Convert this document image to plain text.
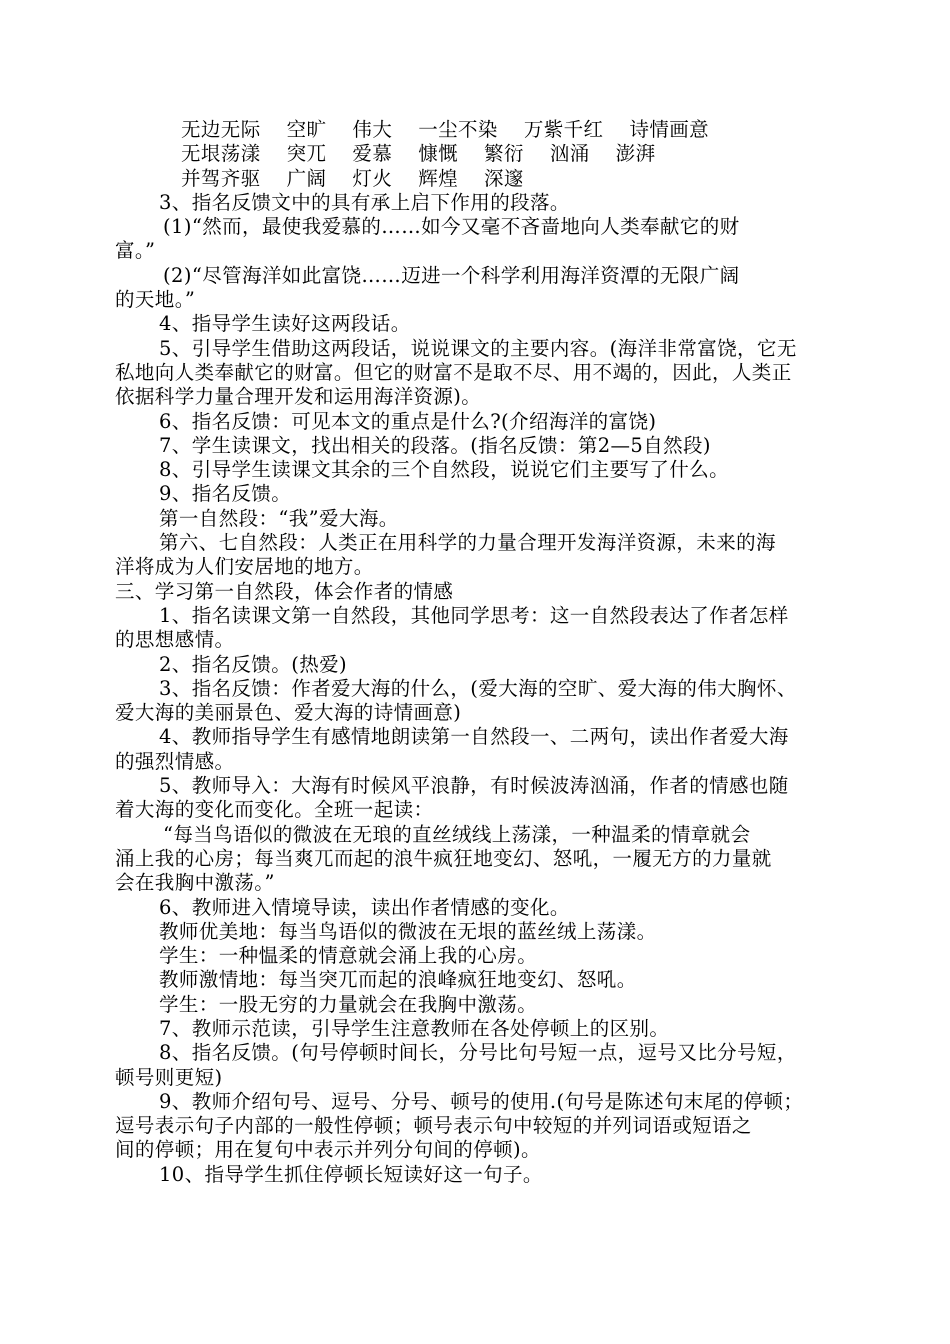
无边无际 空旷 伟大 一尘不染 万紫千红 诗情画意
无垠荡漾 突兀 爱慕 慷慨 繁衍 汹涌 澎湃
并驾齐驱 广阔 灯火 辉煌 深邃
3、指名反馈文中的具有承上启下作用的段落。
(1)“然而，最使我爱慕的……如今又毫不吝啬地向人类奉献它的财
富。”
(2)“尽管海洋如此富饶……迈进一个科学利用海洋资潭的无限广阔
的天地。”
4、指导学生读好这两段话。
5、引导学生借助这两段话，说说课文的主要内容。(海洋非常富饶，它无
私地向人类奉献它的财富。但它的财富不是取不尽、用不竭的，因此，人类正
依据科学力量合理开发和运用海洋资源)。
6、指名反馈：可见本文的重点是什么?(介绍海洋的富饶)
7、学生读课文，找出相关的段落。(指名反馈：第2—5自然段)
8、引导学生读课文其余的三个自然段，说说它们主要写了什么。
9、指名反馈。
第一自然段：“我”爱大海。
第六、七自然段：人类正在用科学的力量合理开发海洋资源，未来的海
洋将成为人们安居地的地方。
三、学习第一自然段，体会作者的情感
1、指名读课文第一自然段，其他同学思考：这一自然段表达了作者怎样
的思想感情。
2、指名反馈。(热爱)
3、指名反馈：作者爱大海的什么，(爱大海的空旷、爱大海的伟大胸怀、
爱大海的美丽景色、爱大海的诗情画意)
4、教师指导学生有感情地朗读第一自然段一、二两句，读出作者爱大海
的强烈情感。
5、教师导入：大海有时候风平浪静，有时候波涛汹涌，作者的情感也随
着大海的变化而变化。全班一起读：
“每当鸟语似的微波在无琅的直丝绒线上荡漾，一种温柔的情章就会
涌上我的心房；每当爽兀而起的浪牛疯狂地变幻、怒吼，一履无方的力量就
会在我胸中激荡。”
6、教师进入情境导读，读出作者情感的变化。
教师优美地：每当鸟语似的微波在无垠的蓝丝绒上荡漾。
学生：一种愠柔的情意就会涌上我的心房。
教师激情地：每当突兀而起的浪峰疯狂地变幻、怒吼。
学生：一股无穷的力量就会在我胸中激荡。
7、教师示范读，引导学生注意教师在各处停顿上的区别。
8、指名反馈。(句号停顿时间长，分号比句号短一点，逗号又比分号短，
顿号则更短)
9、教师介绍句号、逗号、分号、顿号的使用.(句号是陈述句末尾的停顿；
逗号表示句子内部的一般性停顿；顿号表示句中较短的并列词语或短语之
间的停顿；用在复句中表示并列分句间的停顿)。
10、指导学生抓住停顿长短读好这一句子。
